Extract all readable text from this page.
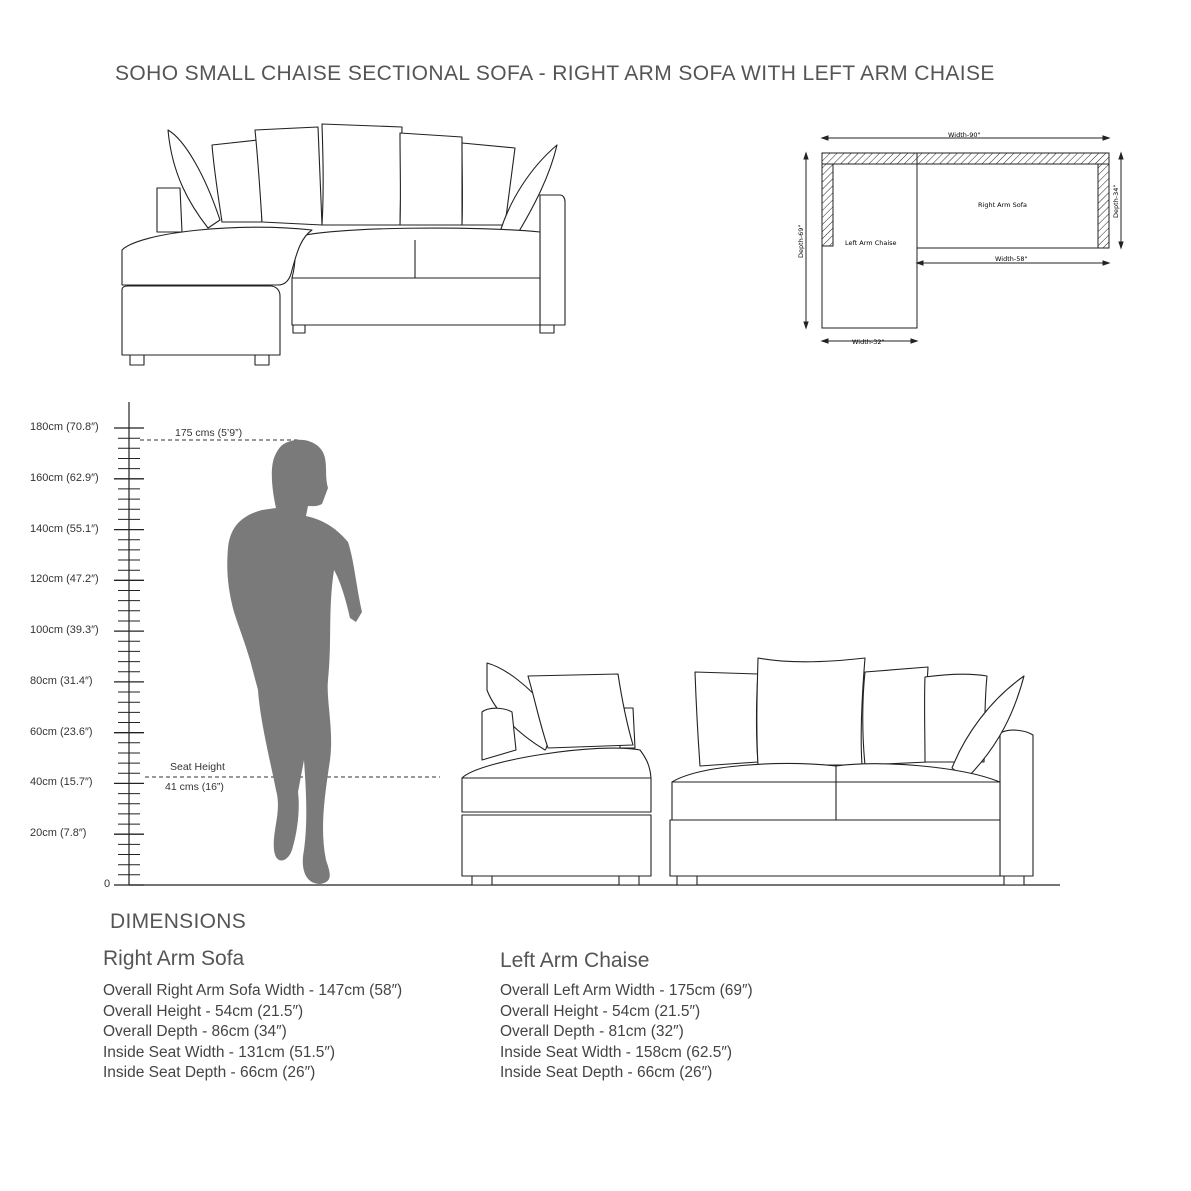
SOHO SMALL CHAISE SECTIONAL SOFA - RIGHT ARM SOFA WITH LEFT ARM CHAISE
Width-90"
Right Arm Sofa	Depth-34"
Width-58"
Left Arm Chaise
Depth-69"
Width-32"
180cm (70.8″)
160cm (62.9″)
140cm (55.1″)
120cm (47.2″)
100cm (39.3″)
80cm (31.4″)
60cm (23.6″)
40cm (15.7″)
20cm (7.8″)
0
175 cms (5’9”)
Seat Height
41 cms (16”)
DIMENSIONS
Right Arm Sofa
Overall Right Arm Sofa Width - 147cm (58″)
Overall Height - 54cm (21.5″)
Overall Depth - 86cm (34″)
Inside Seat Width - 131cm (51.5″)
Inside Seat Depth - 66cm (26″)
Left Arm Chaise
Overall Left Arm Width - 175cm (69″)
Overall Height - 54cm (21.5″)
Overall Depth - 81cm (32″)
Inside Seat Width - 158cm (62.5″)
Inside Seat Depth - 66cm (26″)
